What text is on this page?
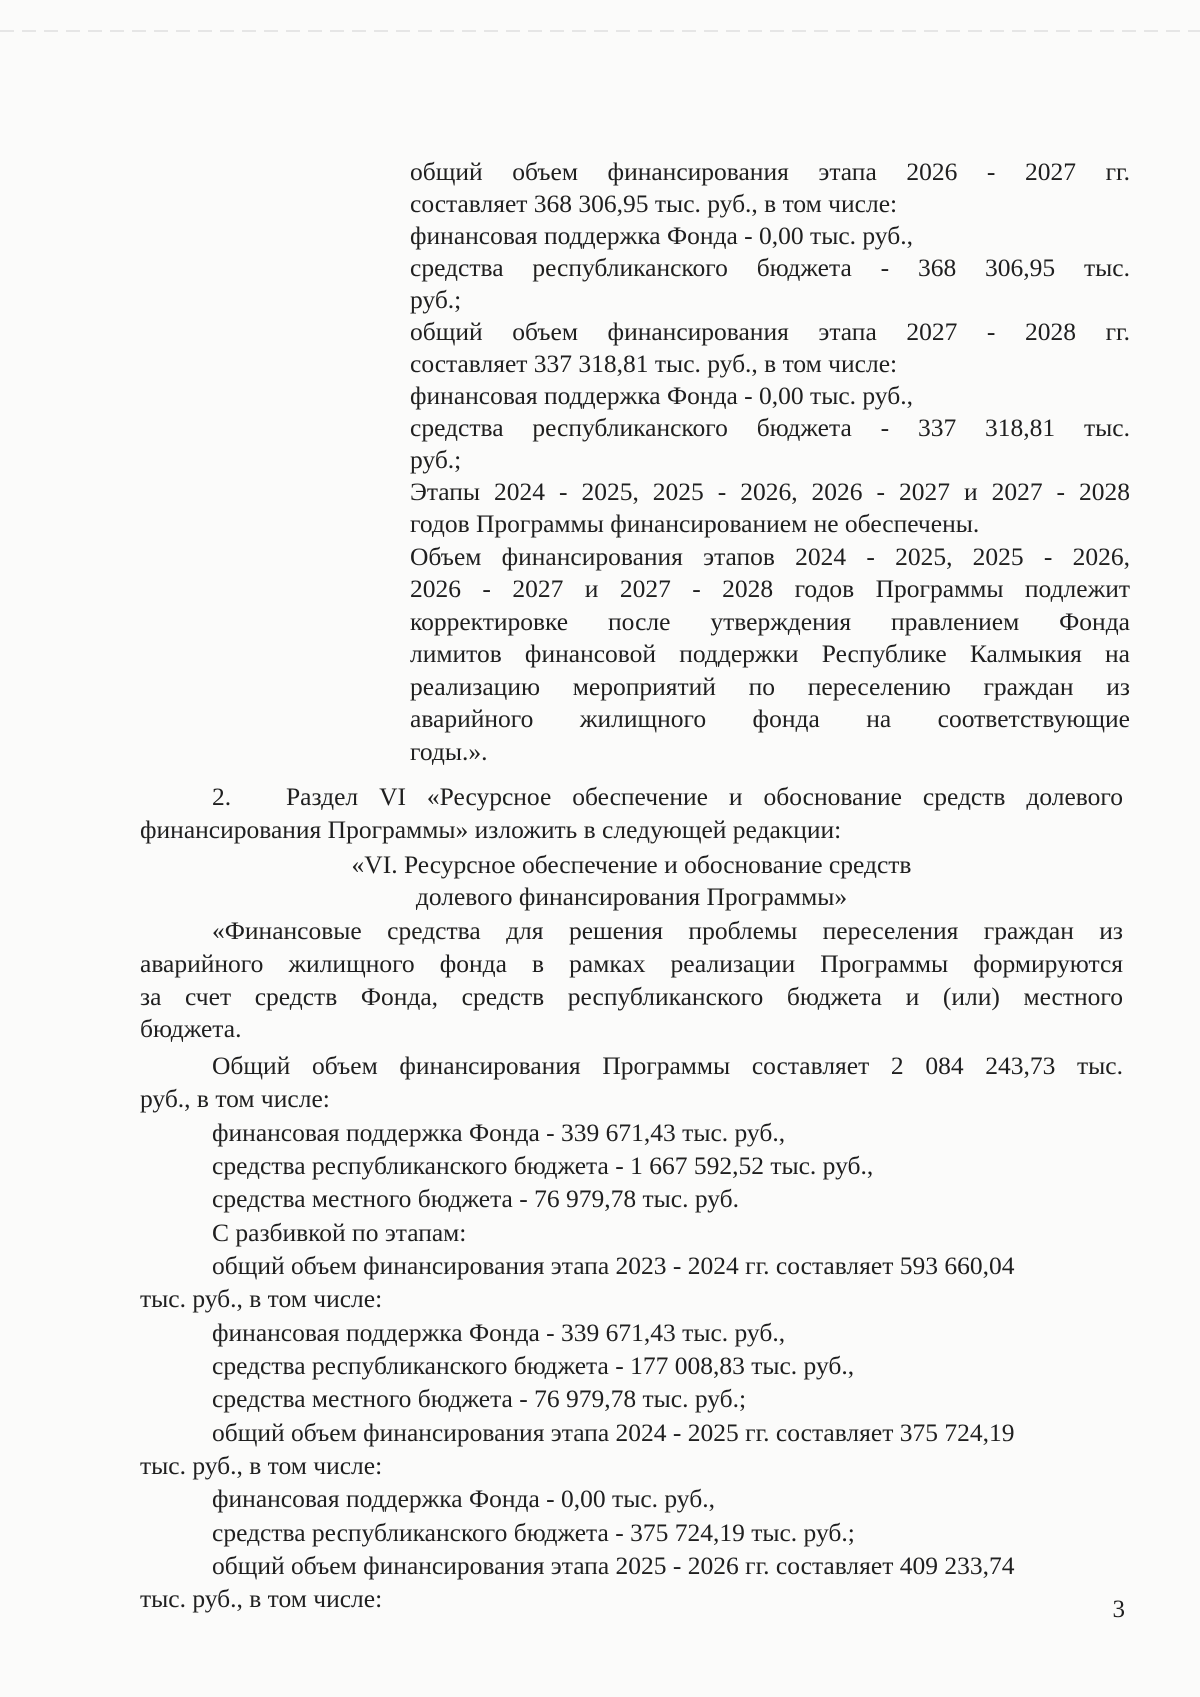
общий объем финансирования этапа 2026 - 2027 гг.
составляет 368 306,95 тыс. руб., в том числе:
финансовая поддержка Фонда - 0,00 тыс. руб.,
средства республиканского бюджета - 368 306,95 тыс.
руб.;
общий объем финансирования этапа 2027 - 2028 гг.
составляет 337 318,81 тыс. руб., в том числе:
финансовая поддержка Фонда - 0,00 тыс. руб.,
средства республиканского бюджета - 337 318,81 тыс.
руб.;
Этапы 2024 - 2025, 2025 - 2026, 2026 - 2027 и 2027 - 2028
годов Программы финансированием не обеспечены.
Объем финансирования этапов 2024 - 2025, 2025 - 2026,
2026 - 2027 и 2027 - 2028 годов Программы подлежит
корректировке после утверждения правлением Фонда
лимитов финансовой поддержки Республике Калмыкия на
реализацию мероприятий по переселению граждан из
аварийного жилищного фонда на соответствующие
годы.».
2. Раздел VI «Ресурсное обеспечение и обоснование средств долевого
финансирования Программы» изложить в следующей редакции:
«VI. Ресурсное обеспечение и обоснование средств
долевого финансирования Программы»
«Финансовые средства для решения проблемы переселения граждан из
аварийного жилищного фонда в рамках реализации Программы формируются
за счет средств Фонда, средств республиканского бюджета и (или) местного
бюджета.
Общий объем финансирования Программы составляет 2 084 243,73 тыс.
руб., в том числе:
финансовая поддержка Фонда - 339 671,43 тыс. руб.,
средства республиканского бюджета - 1 667 592,52 тыс. руб.,
средства местного бюджета - 76 979,78 тыс. руб.
С разбивкой по этапам:
общий объем финансирования этапа 2023 - 2024 гг. составляет 593 660,04
тыс. руб., в том числе:
финансовая поддержка Фонда - 339 671,43 тыс. руб.,
средства республиканского бюджета - 177 008,83 тыс. руб.,
средства местного бюджета - 76 979,78 тыс. руб.;
общий объем финансирования этапа 2024 - 2025 гг. составляет 375 724,19
тыс. руб., в том числе:
финансовая поддержка Фонда - 0,00 тыс. руб.,
средства республиканского бюджета - 375 724,19 тыс. руб.;
общий объем финансирования этапа 2025 - 2026 гг. составляет 409 233,74
тыс. руб., в том числе:	3
